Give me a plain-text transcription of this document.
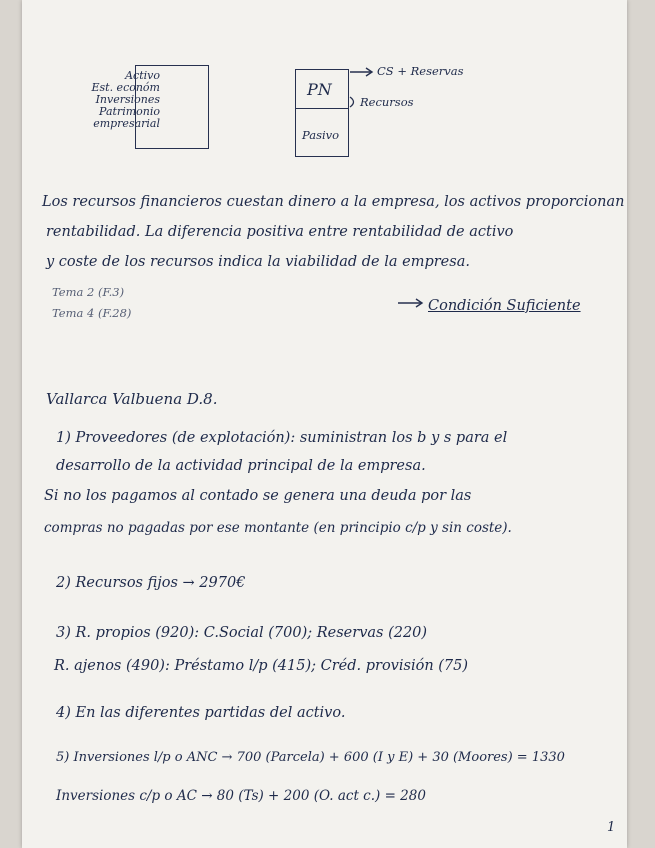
Activo
Est. económ
Inversiones
Patrimonio
empresarial
PN
Pasivo
CS + Reservas
Recursos
Los recursos financieros cuestan dinero a la empresa, los activos proporcionan
rentabilidad. La diferencia positiva entre rentabilidad de activo
y coste de los recursos indica la viabilidad de la empresa.
Tema 2 (F.3)
Tema 4 (F.28)	Condición Suficiente
Vallarca Valbuena D.8.
1) Proveedores (de explotación): suministran los b y s para el
desarrollo de la actividad principal de la empresa.
Si no los pagamos al contado se genera una deuda por las
compras no pagadas por ese montante (en principio c/p y sin coste).
2) Recursos fijos → 2970€
3) R. propios (920): C.Social (700); Reservas (220)
R. ajenos (490): Préstamo l/p (415); Créd. provisión (75)
4) En las diferentes partidas del activo.
5) Inversiones l/p o ANC → 700 (Parcela) + 600 (I y E) + 30 (Moores) = 1330
Inversiones c/p o AC → 80 (Ts) + 200 (O. act c.) = 280
1
